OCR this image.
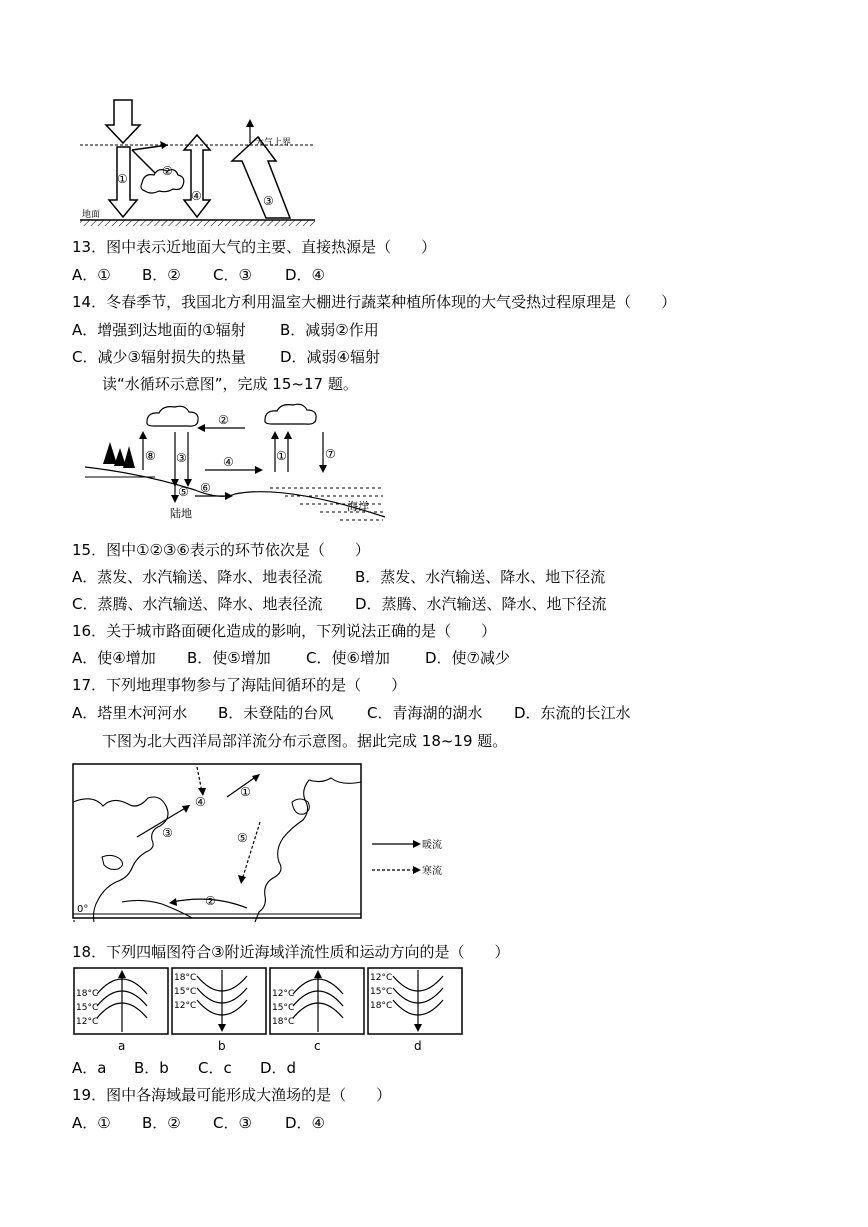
大气上界
地面
①
②
③
④
13．图中表示近地面大气的主要、直接热源是（　　）
A．① B．② C．③ D．④
14．冬春季节，我国北方利用温室大棚进行蔬菜种植所体现的大气受热过程原理是（　　）
A．增强到达地面的①辐射 B．减弱②作用
C．减少③辐射损失的热量 D．减弱④辐射
读“水循环示意图”，完成 15~17 题。
陆地
海洋
①
②
③	④
⑤ ⑥
⑦
⑧
15．图中①②③⑥表示的环节依次是（　　）
A．蒸发、水汽输送、降水、地表径流 B．蒸发、水汽输送、降水、地下径流
C．蒸腾、水汽输送、降水、地表径流 D．蒸腾、水汽输送、降水、地下径流
16．关于城市路面硬化造成的影响，下列说法正确的是（　　）
A．使④增加 B．使⑤增加 C．使⑥增加 D．使⑦减少
17．下列地理事物参与了海陆间循环的是（　　）
A．塔里木河河水 B．未登陆的台风 C．青海湖的湖水 D．东流的长江水
下图为北大西洋局部洋流分布示意图。据此完成 18~19 题。
暖流
寒流
0°
①
②
③
④
⑤
18．下列四幅图符合③附近海域洋流性质和运动方向的是（　　）
18°C
15°C
12°C
a
18°C
15°C
12°C
b
12°C
15°C
18°C
c
12°C
15°C
18°C
d
A．a B．b C．c D．d
19．图中各海域最可能形成大渔场的是（　　）
A．① B．② C．③ D．④
